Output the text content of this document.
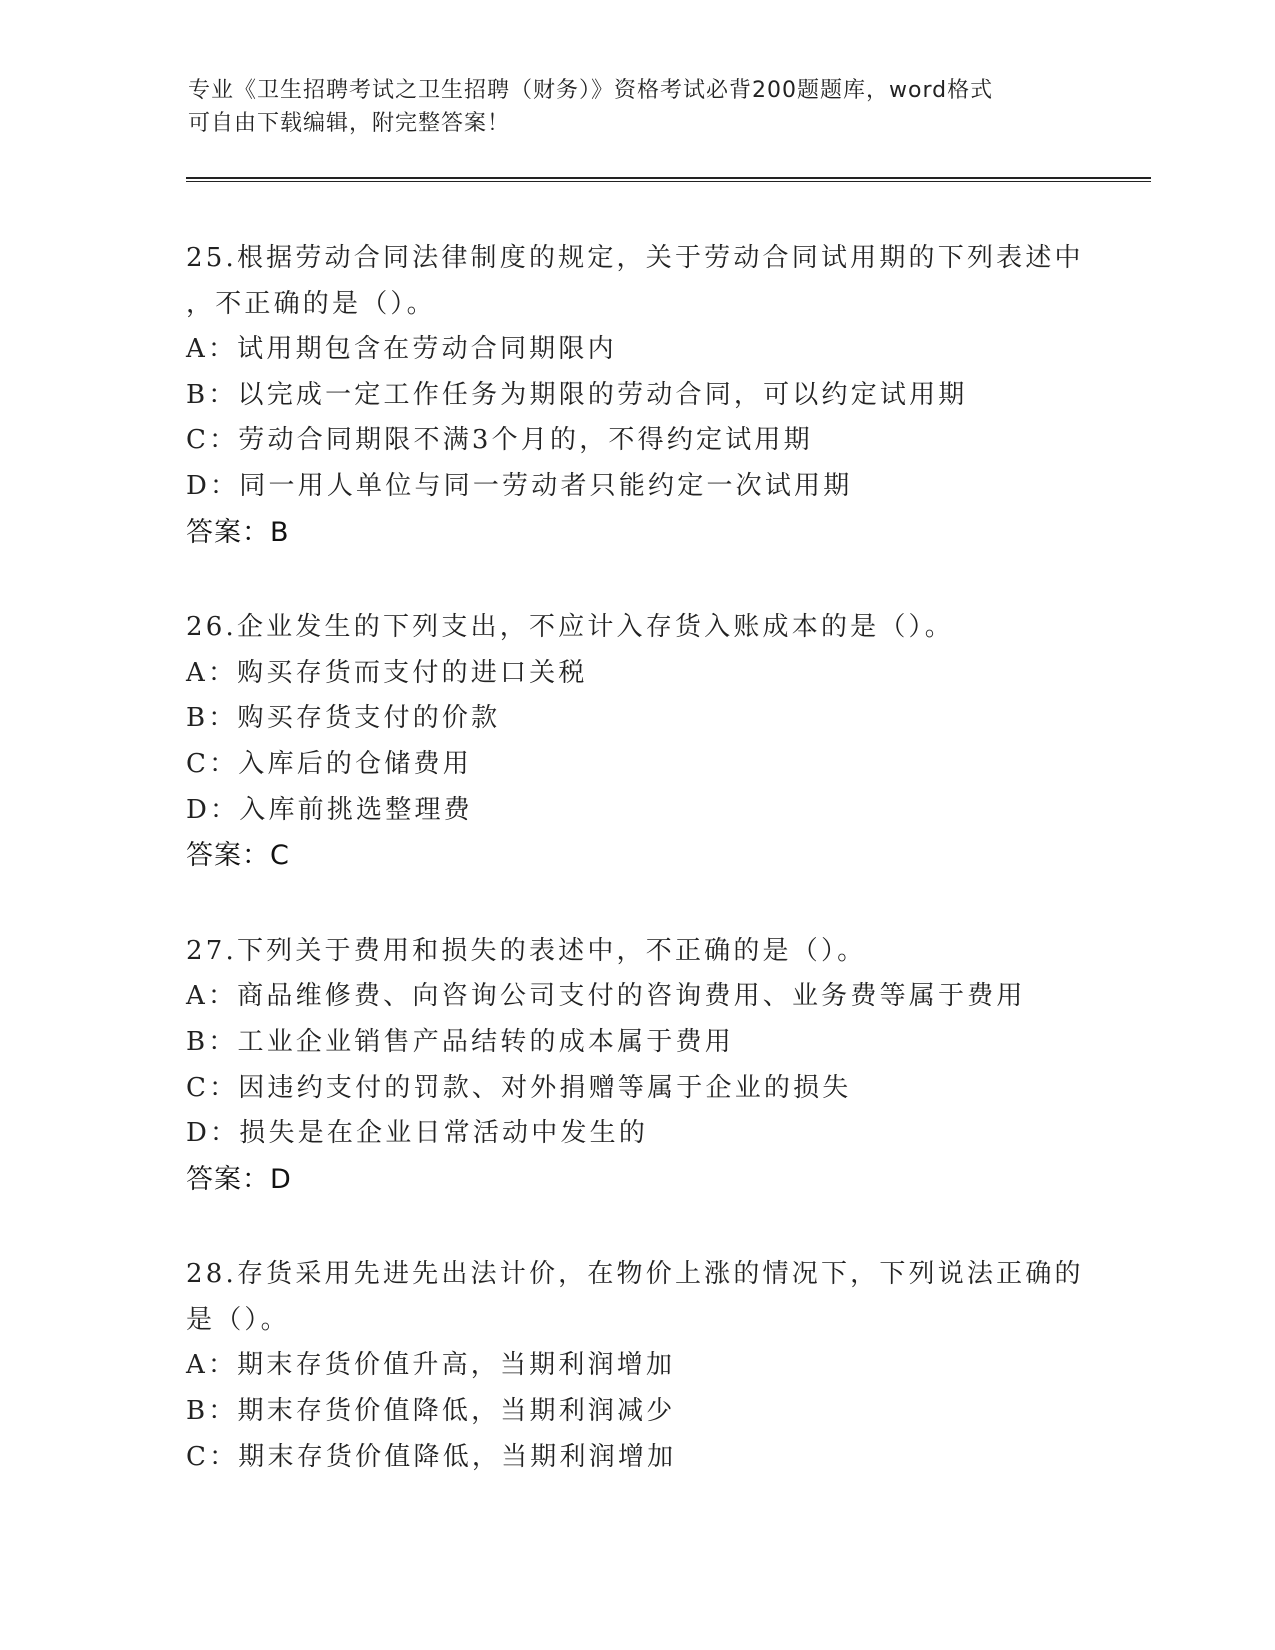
专业《卫生招聘考试之卫生招聘（财务）》资格考试必背200题题库，word格式
可自由下载编辑，附完整答案！
25.根据劳动合同法律制度的规定，关于劳动合同试用期的下列表述中
，不正确的是（）。
A：试用期包含在劳动合同期限内
B：以完成一定工作任务为期限的劳动合同，可以约定试用期
C：劳动合同期限不满3个月的，不得约定试用期
D：同一用人单位与同一劳动者只能约定一次试用期
答案：B
26.企业发生的下列支出，不应计入存货入账成本的是（）。
A：购买存货而支付的进口关税
B：购买存货支付的价款
C：入库后的仓储费用
D：入库前挑选整理费
答案：C
27.下列关于费用和损失的表述中，不正确的是（）。
A：商品维修费、向咨询公司支付的咨询费用、业务费等属于费用
B：工业企业销售产品结转的成本属于费用
C：因违约支付的罚款、对外捐赠等属于企业的损失
D：损失是在企业日常活动中发生的
答案：D
28.存货采用先进先出法计价，在物价上涨的情况下，下列说法正确的
是（）。
A：期末存货价值升高，当期利润增加
B：期末存货价值降低，当期利润减少
C：期末存货价值降低，当期利润增加
